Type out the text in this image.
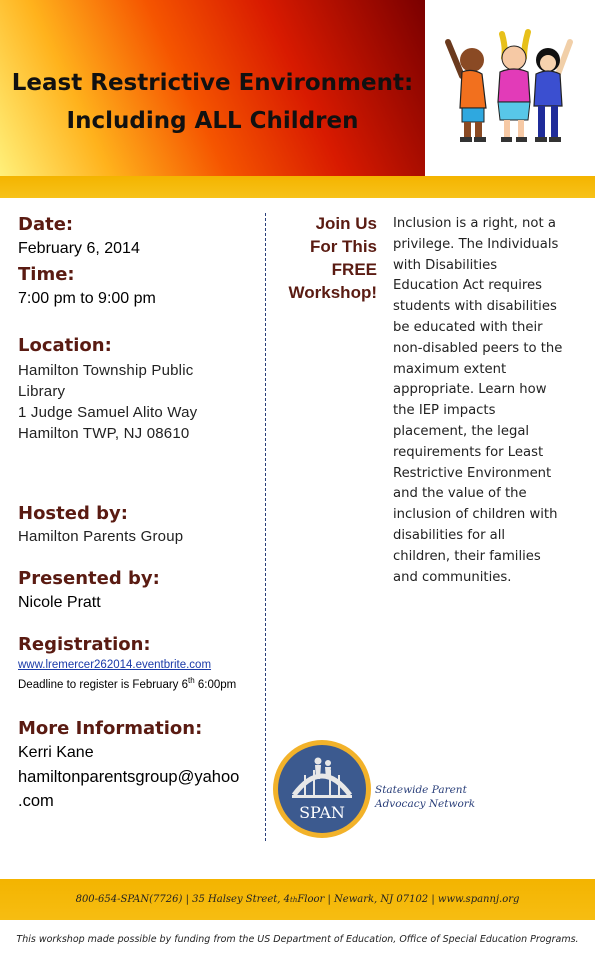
Least Restrictive Environment:
Including ALL Children
Date:
February 6, 2014
Time:
7:00 pm to 9:00 pm
Location:
Hamilton Township Public
Library
1 Judge Samuel Alito Way
Hamilton TWP, NJ 08610
Hosted by:
Hamilton Parents Group
Presented by:
Nicole Pratt
Registration:
www.lremercer262014.eventbrite.com
Deadline to register is February 6th 6:00pm
More Information:
Kerri Kane
hamiltonparentsgroup@yahoo
.com
Join Us
For This
FREE
Workshop!
Inclusion is a right, not a privilege. The Individuals with Disabilities Education Act requires students with disabilities be educated with their non-disabled peers to the maximum extent appropriate. Learn how the IEP impacts placement, the legal requirements for Least Restrictive Environment and the value of the inclusion of children with disabilities for all children, their families and communities.
SPAN
Statewide Parent
Advocacy Network
800-654-SPAN(7726) | 35 Halsey Street, 4 th Floor | Newark, NJ 07102 | www.spannj.org
This workshop made possible by funding from the US Department of Education, Office of Special Education Programs.
